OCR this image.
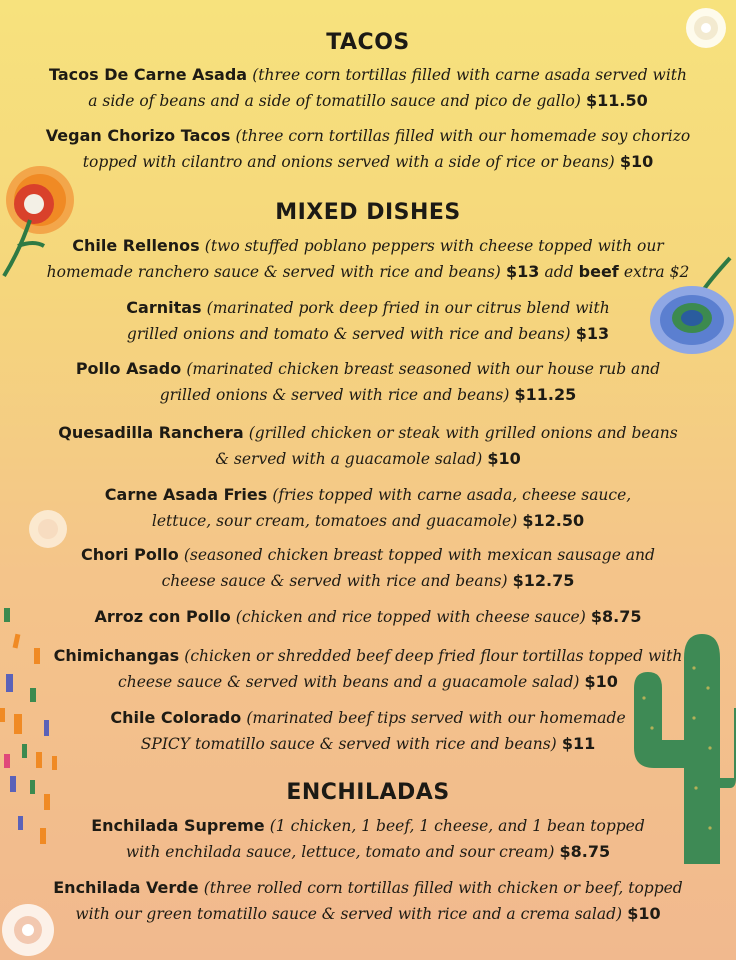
TACOS
Tacos De Carne Asada (three corn tortillas filled with carne asada served with
a side of beans and a side of tomatillo sauce and pico de gallo) $11.50
Vegan Chorizo Tacos (three corn tortillas filled with our homemade soy chorizo
topped with cilantro and onions served with a side of rice or beans) $10
MIXED DISHES
Chile Rellenos (two stuffed poblano peppers with cheese topped with our
homemade ranchero sauce & served with rice and beans) $13 add beef extra $2
Carnitas (marinated pork deep fried in our citrus blend with
grilled onions and tomato & served with rice and beans) $13
Pollo Asado (marinated chicken breast seasoned with our house rub and
grilled onions & served with rice and beans) $11.25
Quesadilla Ranchera (grilled chicken or steak with grilled onions and beans
& served with a guacamole salad) $10
Carne Asada Fries (fries topped with carne asada, cheese sauce,
lettuce, sour cream, tomatoes and guacamole) $12.50
Chori Pollo (seasoned chicken breast topped with mexican sausage and
cheese sauce & served with rice and beans) $12.75
Arroz con Pollo (chicken and rice topped with cheese sauce) $8.75
Chimichangas (chicken or shredded beef deep fried flour tortillas topped with
cheese sauce & served with beans and a guacamole salad) $10
Chile Colorado (marinated beef tips served with our homemade
SPICY tomatillo sauce & served with rice and beans) $11
ENCHILADAS
Enchilada Supreme (1 chicken, 1 beef, 1 cheese, and 1 bean topped
with enchilada sauce, lettuce, tomato and sour cream) $8.75
Enchilada Verde (three rolled corn tortillas filled with chicken or beef, topped
with our green tomatillo sauce & served with rice and a crema salad) $10
